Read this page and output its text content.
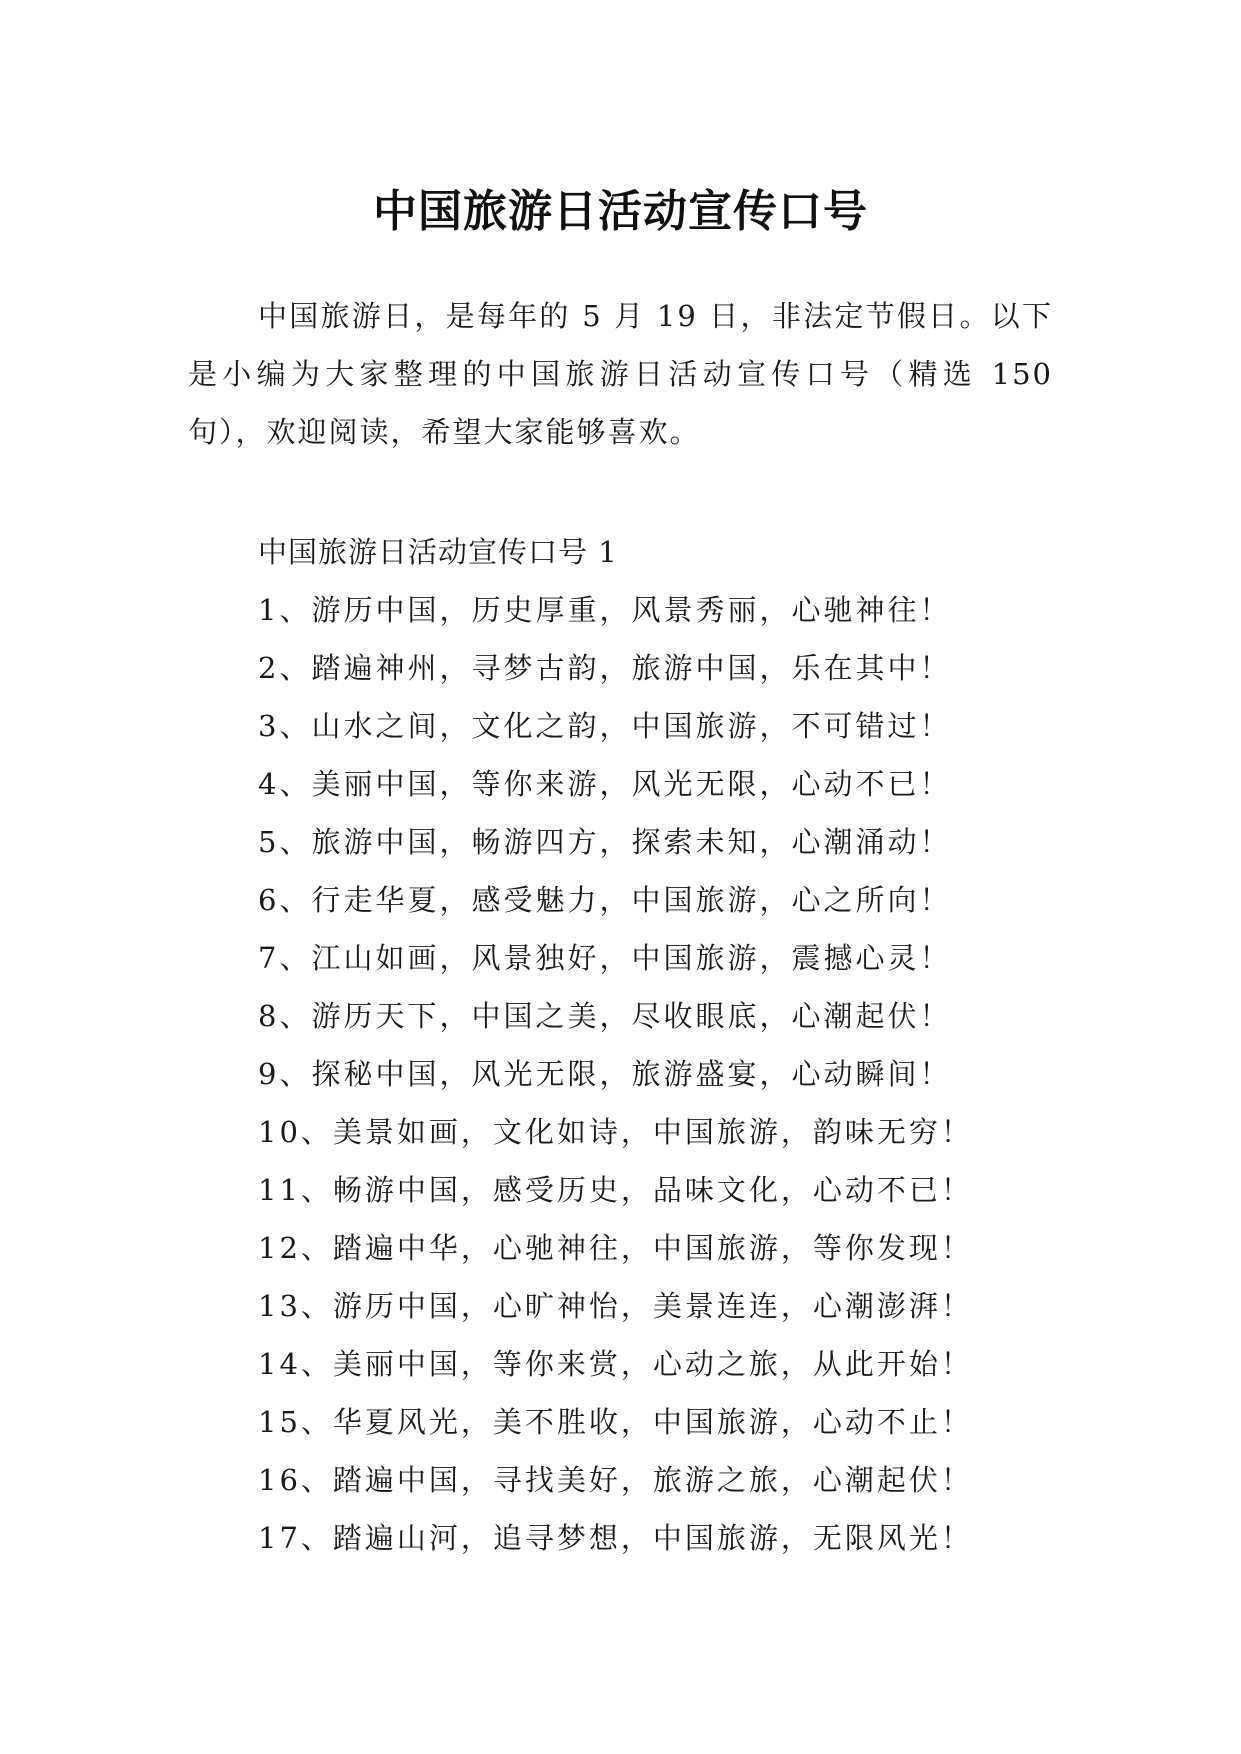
中国旅游日活动宣传口号

中国旅游日，是每年的 5 月 19 日，非法定节假日。以下是小编为大家整理的中国旅游日活动宣传口号（精选 150 句），欢迎阅读，希望大家能够喜欢。

中国旅游日活动宣传口号 1
1、游历中国，历史厚重，风景秀丽，心驰神往！
2、踏遍神州，寻梦古韵，旅游中国，乐在其中！
3、山水之间，文化之韵，中国旅游，不可错过！
4、美丽中国，等你来游，风光无限，心动不已！
5、旅游中国，畅游四方，探索未知，心潮涌动！
6、行走华夏，感受魅力，中国旅游，心之所向！
7、江山如画，风景独好，中国旅游，震撼心灵！
8、游历天下，中国之美，尽收眼底，心潮起伏！
9、探秘中国，风光无限，旅游盛宴，心动瞬间！
10、美景如画，文化如诗，中国旅游，韵味无穷！
11、畅游中国，感受历史，品味文化，心动不已！
12、踏遍中华，心驰神往，中国旅游，等你发现！
13、游历中国，心旷神怡，美景连连，心潮澎湃！
14、美丽中国，等你来赏，心动之旅，从此开始！
15、华夏风光，美不胜收，中国旅游，心动不止！
16、踏遍中国，寻找美好，旅游之旅，心潮起伏！
17、踏遍山河，追寻梦想，中国旅游，无限风光！
